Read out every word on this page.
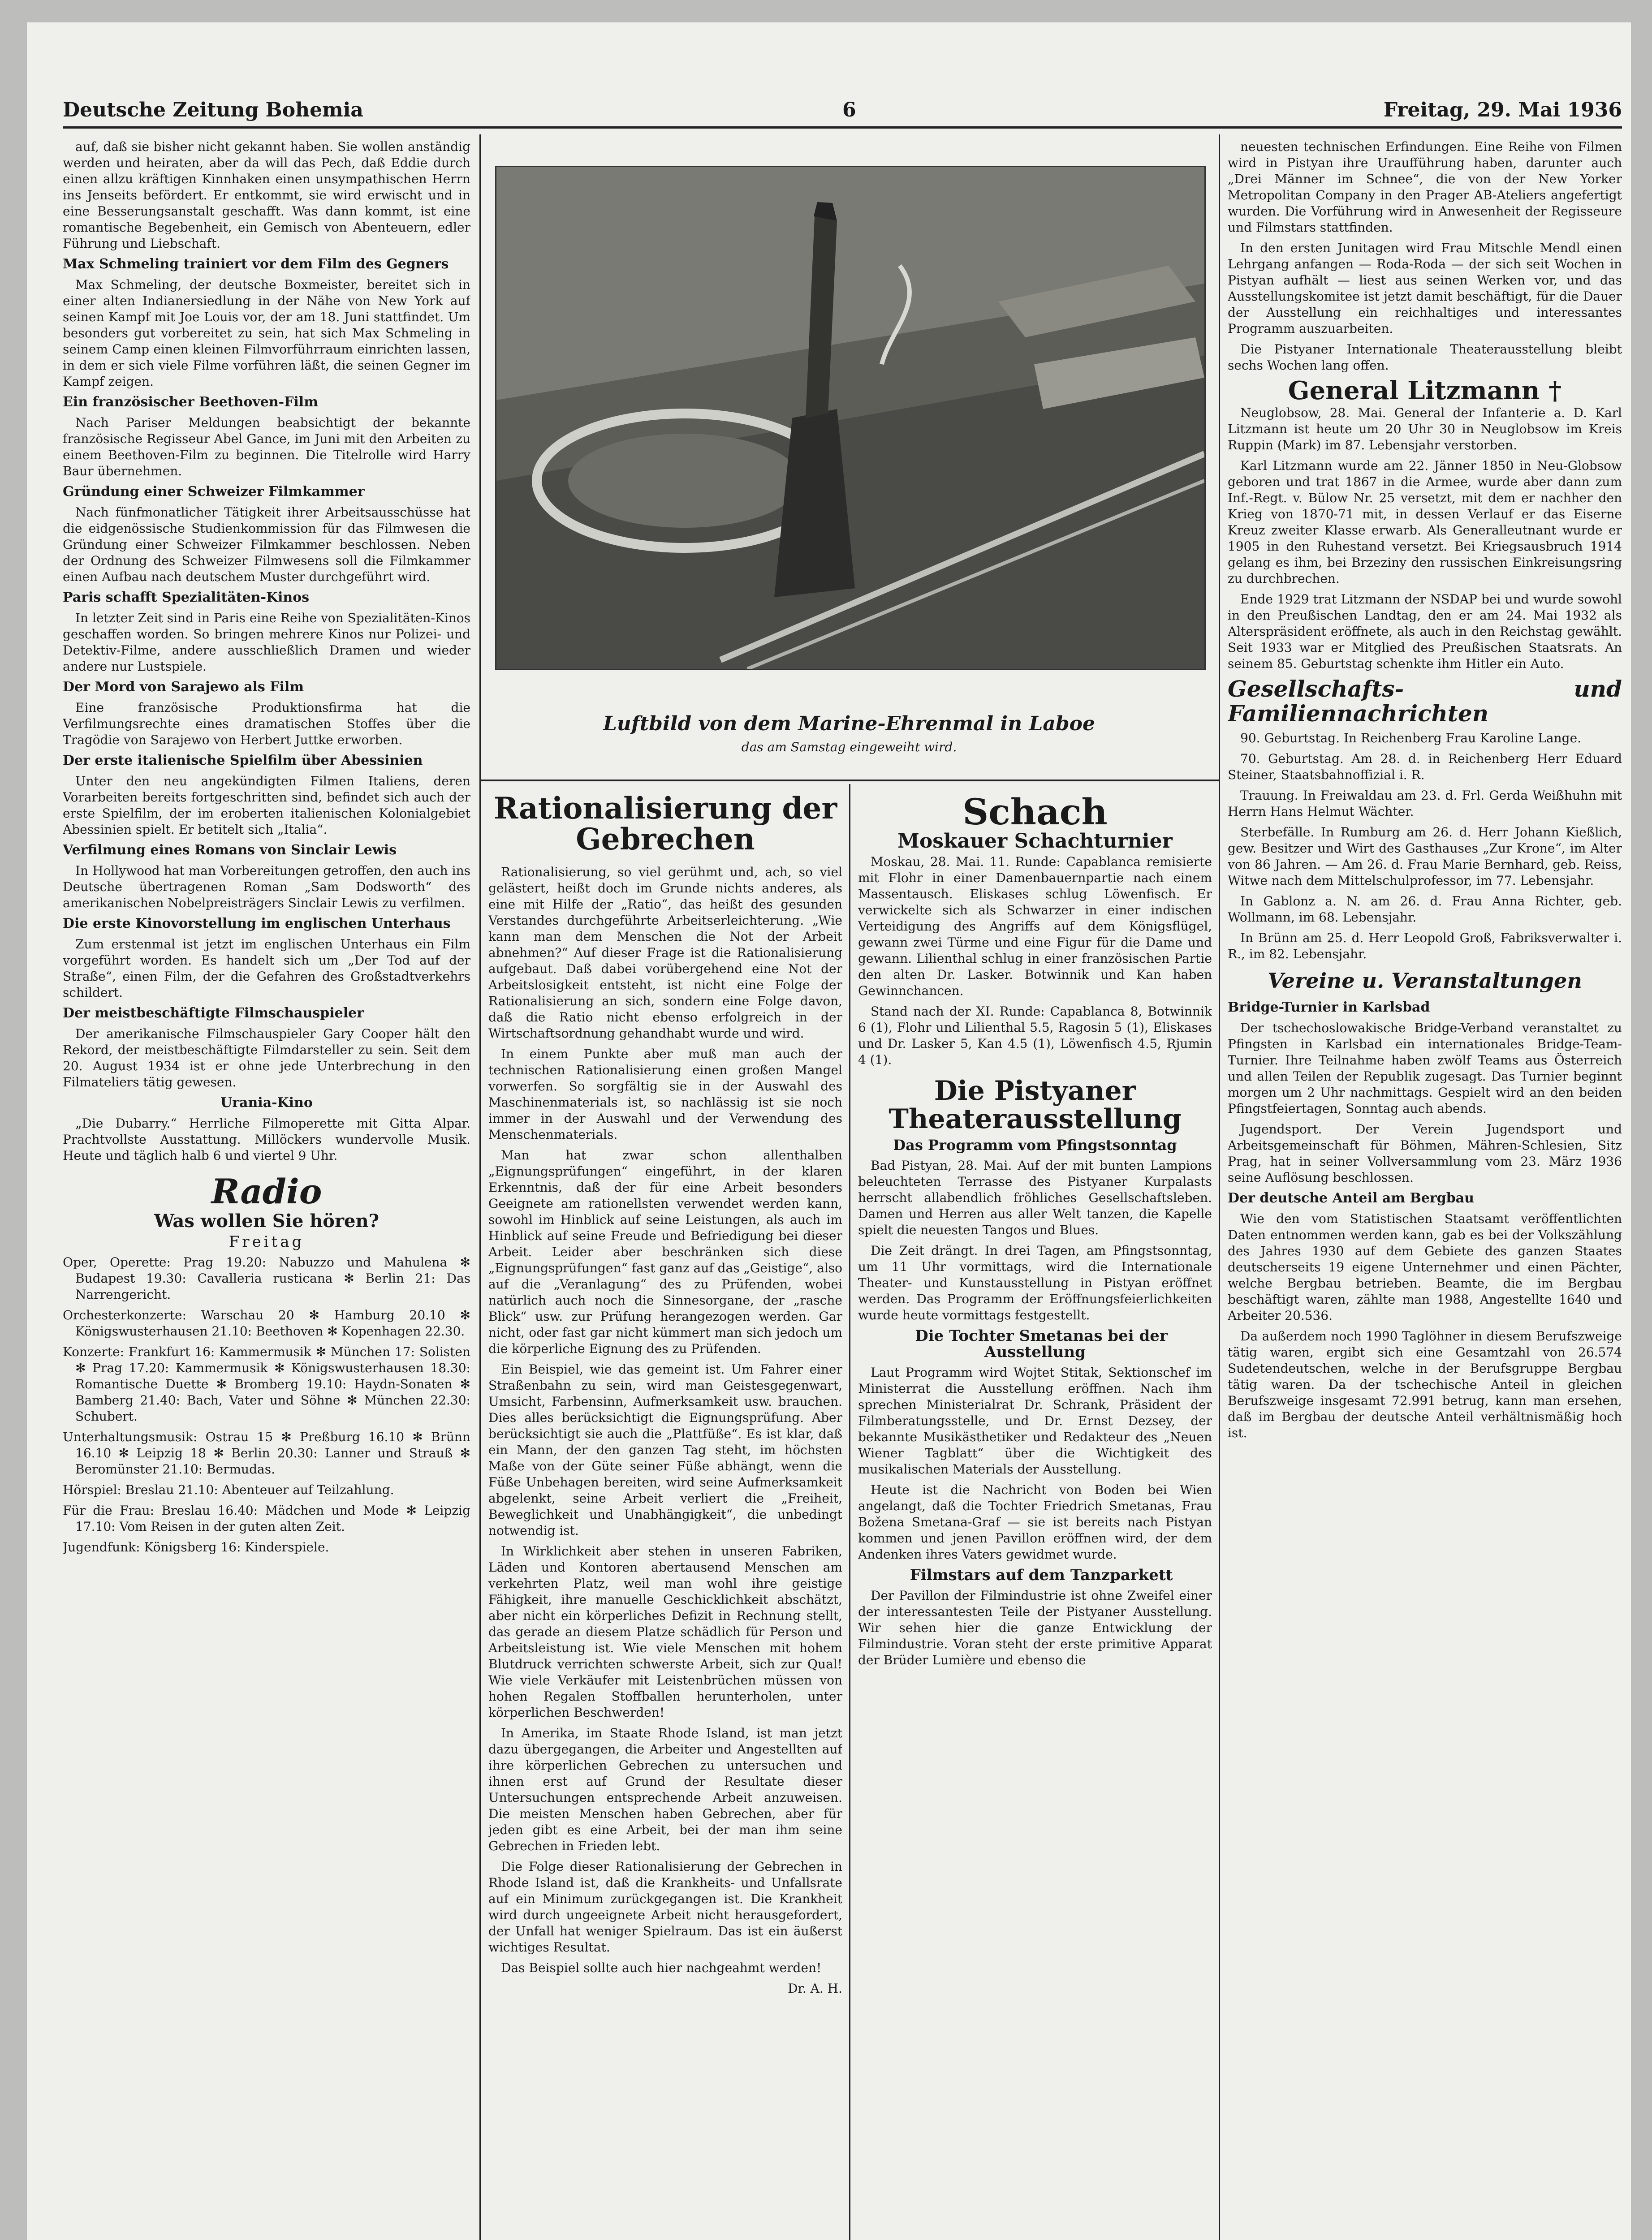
Deutsche Zeitung Bohemia	6	Freitag, 29. Mai 1936

auf, daß sie bisher nicht gekannt haben. Sie wollen anständig werden und heiraten, aber da will das Pech, daß Eddie durch einen allzu kräftigen Kinnhaken einen unsympathischen Herrn ins Jenseits befördert. Er entkommt, sie wird erwischt und in eine Besserungsanstalt geschafft. Was dann kommt, ist eine romantische Begebenheit, ein Gemisch von Abenteuern, edler Führung und Liebschaft.

Max Schmeling trainiert vor dem Film des Gegners

Max Schmeling, der deutsche Boxmeister, bereitet sich in einer alten Indianersiedlung in der Nähe von New York auf seinen Kampf mit Joe Louis vor, der am 18. Juni stattfindet. Um besonders gut vorbereitet zu sein, hat sich Max Schmeling in seinem Camp einen kleinen Filmvorführraum einrichten lassen, in dem er sich viele Filme vorführen läßt, die seinen Gegner im Kampf zeigen.

Ein französischer Beethoven-Film

Nach Pariser Meldungen beabsichtigt der bekannte französische Regisseur Abel Gance, im Juni mit den Arbeiten zu einem Beethoven-Film zu beginnen. Die Titelrolle wird Harry Baur übernehmen.

Gründung einer Schweizer Filmkammer

Nach fünfmonatlicher Tätigkeit ihrer Arbeitsausschüsse hat die eidgenössische Studienkommission für das Filmwesen die Gründung einer Schweizer Filmkammer beschlossen. Neben der Ordnung des Schweizer Filmwesens soll die Filmkammer einen Aufbau nach deutschem Muster durchgeführt wird.

Paris schafft Spezialitäten-Kinos

In letzter Zeit sind in Paris eine Reihe von Spezialitäten-Kinos geschaffen worden. So bringen mehrere Kinos nur Polizei- und Detektiv-Filme, andere ausschließlich Dramen und wieder andere nur Lustspiele.

Der Mord von Sarajewo als Film

Eine französische Produktionsfirma hat die Verfilmungsrechte eines dramatischen Stoffes über die Tragödie von Sarajewo von Herbert Juttke erworben.

Der erste italienische Spielfilm über Abessinien

Unter den neu angekündigten Filmen Italiens, deren Vorarbeiten bereits fortgeschritten sind, befindet sich auch der erste Spielfilm, der im eroberten italienischen Kolonialgebiet Abessinien spielt. Er betitelt sich „Italia“.

Verfilmung eines Romans von Sinclair Lewis

In Hollywood hat man Vorbereitungen getroffen, den auch ins Deutsche übertragenen Roman „Sam Dodsworth“ des amerikanischen Nobelpreisträgers Sinclair Lewis zu verfilmen.

Die erste Kinovorstellung im englischen Unterhaus

Zum erstenmal ist jetzt im englischen Unterhaus ein Film vorgeführt worden. Es handelt sich um „Der Tod auf der Straße“, einen Film, der die Gefahren des Großstadtverkehrs schildert.

Der meistbeschäftigte Filmschauspieler

Der amerikanische Filmschauspieler Gary Cooper hält den Rekord, der meistbeschäftigte Filmdarsteller zu sein. Seit dem 20. August 1934 ist er ohne jede Unterbrechung in den Filmateliers tätig gewesen.

Urania-Kino

„Die Dubarry.“ Herrliche Filmoperette mit Gitta Alpar. Prachtvollste Ausstattung. Millöckers wundervolle Musik. Heute und täglich halb 6 und viertel 9 Uhr.

Radio
Was wollen Sie hören?
Freitag

Oper, Operette: Prag 19.20: Nabuzzo und Mahulena ✻ Budapest 19.30: Cavalleria rusticana ✻ Berlin 21: Das Narrengericht.

Orchesterkonzerte: Warschau 20 ✻ Hamburg 20.10 ✻ Königswusterhausen 21.10: Beethoven ✻ Kopenhagen 22.30.

Konzerte: Frankfurt 16: Kammermusik ✻ München 17: Solisten ✻ Prag 17.20: Kammermusik ✻ Königswusterhausen 18.30: Romantische Duette ✻ Bromberg 19.10: Haydn-Sonaten ✻ Bamberg 21.40: Bach, Vater und Söhne ✻ München 22.30: Schubert.

Unterhaltungsmusik: Ostrau 15 ✻ Preßburg 16.10 ✻ Brünn 16.10 ✻ Leipzig 18 ✻ Berlin 20.30: Lanner und Strauß ✻ Beromünster 21.10: Bermudas.

Hörspiel: Breslau 21.10: Abenteuer auf Teilzahlung.

Für die Frau: Breslau 16.40: Mädchen und Mode ✻ Leipzig 17.10: Vom Reisen in der guten alten Zeit.

Jugendfunk: Königsberg 16: Kinderspiele.

Luftbild von dem Marine-Ehrenmal in Laboe
das am Samstag eingeweiht wird.
Rationalisierung der Gebrechen

Rationalisierung, so viel gerühmt und, ach, so viel gelästert, heißt doch im Grunde nichts anderes, als eine mit Hilfe der „Ratio“, das heißt des gesunden Verstandes durchgeführte Arbeitserleichterung. „Wie kann man dem Menschen die Not der Arbeit abnehmen?“ Auf dieser Frage ist die Rationalisierung aufgebaut. Daß dabei vorübergehend eine Not der Arbeitslosigkeit entsteht, ist nicht eine Folge der Rationalisierung an sich, sondern eine Folge davon, daß die Ratio nicht ebenso erfolgreich in der Wirtschaftsordnung gehandhabt wurde und wird.

In einem Punkte aber muß man auch der technischen Rationalisierung einen großen Mangel vorwerfen. So sorgfältig sie in der Auswahl des Maschinenmaterials ist, so nachlässig ist sie noch immer in der Auswahl und der Verwendung des Menschenmaterials.

Man hat zwar schon allenthalben „Eignungsprüfungen“ eingeführt, in der klaren Erkenntnis, daß der für eine Arbeit besonders Geeignete am rationellsten verwendet werden kann, sowohl im Hinblick auf seine Leistungen, als auch im Hinblick auf seine Freude und Befriedigung bei dieser Arbeit. Leider aber beschränken sich diese „Eignungsprüfungen“ fast ganz auf das „Geistige“, also auf die „Veranlagung“ des zu Prüfenden, wobei natürlich auch noch die Sinnesorgane, der „rasche Blick“ usw. zur Prüfung herangezogen werden. Gar nicht, oder fast gar nicht kümmert man sich jedoch um die körperliche Eignung des zu Prüfenden.

Ein Beispiel, wie das gemeint ist. Um Fahrer einer Straßenbahn zu sein, wird man Geistesgegenwart, Umsicht, Farbensinn, Aufmerksamkeit usw. brauchen. Dies alles berücksichtigt die Eignungsprüfung. Aber berücksichtigt sie auch die „Plattfüße“. Es ist klar, daß ein Mann, der den ganzen Tag steht, im höchsten Maße von der Güte seiner Füße abhängt, wenn die Füße Unbehagen bereiten, wird seine Aufmerksamkeit abgelenkt, seine Arbeit verliert die „Freiheit, Beweglichkeit und Unabhängigkeit“, die unbedingt notwendig ist.

In Wirklichkeit aber stehen in unseren Fabriken, Läden und Kontoren abertausend Menschen am verkehrten Platz, weil man wohl ihre geistige Fähigkeit, ihre manuelle Geschicklichkeit abschätzt, aber nicht ein körperliches Defizit in Rechnung stellt, das gerade an diesem Platze schädlich für Person und Arbeitsleistung ist. Wie viele Menschen mit hohem Blutdruck verrichten schwerste Arbeit, sich zur Qual! Wie viele Verkäufer mit Leistenbrüchen müssen von hohen Regalen Stoffballen herunterholen, unter körperlichen Beschwerden!

In Amerika, im Staate Rhode Island, ist man jetzt dazu übergegangen, die Arbeiter und Angestellten auf ihre körperlichen Gebrechen zu untersuchen und ihnen erst auf Grund der Resultate dieser Untersuchungen entsprechende Arbeit anzuweisen. Die meisten Menschen haben Gebrechen, aber für jeden gibt es eine Arbeit, bei der man ihm seine Gebrechen in Frieden lebt.

Die Folge dieser Rationalisierung der Gebrechen in Rhode Island ist, daß die Krankheits- und Unfallsrate auf ein Minimum zurückgegangen ist. Die Krankheit wird durch ungeeignete Arbeit nicht herausgefordert, der Unfall hat weniger Spielraum. Das ist ein äußerst wichtiges Resultat.

Das Beispiel sollte auch hier nachgeahmt werden!

Dr. A. H.

Schach
Moskauer Schachturnier

Moskau, 28. Mai. 11. Runde: Capablanca remisierte mit Flohr in einer Damenbauernpartie nach einem Massentausch. Eliskases schlug Löwenfisch. Er verwickelte sich als Schwarzer in einer indischen Verteidigung des Angriffs auf dem Königsflügel, gewann zwei Türme und eine Figur für die Dame und gewann. Lilienthal schlug in einer französischen Partie den alten Dr. Lasker. Botwinnik und Kan haben Gewinnchancen.

Stand nach der XI. Runde: Capablanca 8, Botwinnik 6 (1), Flohr und Lilienthal 5.5, Ragosin 5 (1), Eliskases und Dr. Lasker 5, Kan 4.5 (1), Löwenfisch 4.5, Rjumin 4 (1).

Die Pistyaner Theaterausstellung
Das Programm vom Pfingstsonntag

Bad Pistyan, 28. Mai. Auf der mit bunten Lampions beleuchteten Terrasse des Pistyaner Kurpalasts herrscht allabendlich fröhliches Gesellschaftsleben. Damen und Herren aus aller Welt tanzen, die Kapelle spielt die neuesten Tangos und Blues.

Die Zeit drängt. In drei Tagen, am Pfingstsonntag, um 11 Uhr vormittags, wird die Internationale Theater- und Kunstausstellung in Pistyan eröffnet werden. Das Programm der Eröffnungsfeierlichkeiten wurde heute vormittags festgestellt.

Die Tochter Smetanas bei der Ausstellung

Laut Programm wird Wojtet Stitak, Sektionschef im Ministerrat die Ausstellung eröffnen. Nach ihm sprechen Ministerialrat Dr. Schrank, Präsident der Filmberatungsstelle, und Dr. Ernst Dezsey, der bekannte Musikästhetiker und Redakteur des „Neuen Wiener Tagblatt“ über die Wichtigkeit des musikalischen Materials der Ausstellung.

Heute ist die Nachricht von Boden bei Wien angelangt, daß die Tochter Friedrich Smetanas, Frau Božena Smetana-Graf — sie ist bereits nach Pistyan kommen und jenen Pavillon eröffnen wird, der dem Andenken ihres Vaters gewidmet wurde.

Filmstars auf dem Tanzparkett

Der Pavillon der Filmindustrie ist ohne Zweifel einer der interessantesten Teile der Pistyaner Ausstellung. Wir sehen hier die ganze Entwicklung der Filmindustrie. Voran steht der erste primitive Apparat der Brüder Lumière und ebenso die

neuesten technischen Erfindungen. Eine Reihe von Filmen wird in Pistyan ihre Uraufführung haben, darunter auch „Drei Männer im Schnee“, die von der New Yorker Metropolitan Company in den Prager AB-Ateliers angefertigt wurden. Die Vorführung wird in Anwesenheit der Regisseure und Filmstars stattfinden.

In den ersten Junitagen wird Frau Mitschle Mendl einen Lehrgang anfangen — Roda-Roda — der sich seit Wochen in Pistyan aufhält — liest aus seinen Werken vor, und das Ausstellungskomitee ist jetzt damit beschäftigt, für die Dauer der Ausstellung ein reichhaltiges und interessantes Programm auszuarbeiten.

Die Pistyaner Internationale Theaterausstellung bleibt sechs Wochen lang offen.

General Litzmann †

Neuglobsow, 28. Mai. General der Infanterie a. D. Karl Litzmann ist heute um 20 Uhr 30 in Neuglobsow im Kreis Ruppin (Mark) im 87. Lebensjahr verstorben.

Karl Litzmann wurde am 22. Jänner 1850 in Neu-Globsow geboren und trat 1867 in die Armee, wurde aber dann zum Inf.-Regt. v. Bülow Nr. 25 versetzt, mit dem er nachher den Krieg von 1870-71 mit, in dessen Verlauf er das Eiserne Kreuz zweiter Klasse erwarb. Als Generalleutnant wurde er 1905 in den Ruhestand versetzt. Bei Kriegsausbruch 1914 gelang es ihm, bei Brzeziny den russischen Einkreisungsring zu durchbrechen.

Ende 1929 trat Litzmann der NSDAP bei und wurde sowohl in den Preußischen Landtag, den er am 24. Mai 1932 als Alterspräsident eröffnete, als auch in den Reichstag gewählt. Seit 1933 war er Mitglied des Preußischen Staatsrats. An seinem 85. Geburtstag schenkte ihm Hitler ein Auto.

Gesellschafts- und Familiennachrichten

90. Geburtstag. In Reichenberg Frau Karoline Lange.

70. Geburtstag. Am 28. d. in Reichenberg Herr Eduard Steiner, Staatsbahnoffizial i. R.

Trauung. In Freiwaldau am 23. d. Frl. Gerda Weißhuhn mit Herrn Hans Helmut Wächter.

Sterbefälle. In Rumburg am 26. d. Herr Johann Kießlich, gew. Besitzer und Wirt des Gasthauses „Zur Krone“, im Alter von 86 Jahren. — Am 26. d. Frau Marie Bernhard, geb. Reiss, Witwe nach dem Mittelschulprofessor, im 77. Lebensjahr.

In Gablonz a. N. am 26. d. Frau Anna Richter, geb. Wollmann, im 68. Lebensjahr.

In Brünn am 25. d. Herr Leopold Groß, Fabriksverwalter i. R., im 82. Lebensjahr.

Vereine u. Veranstaltungen

Bridge-Turnier in Karlsbad

Der tschechoslowakische Bridge-Verband veranstaltet zu Pfingsten in Karlsbad ein internationales Bridge-Team-Turnier. Ihre Teilnahme haben zwölf Teams aus Österreich und allen Teilen der Republik zugesagt. Das Turnier beginnt morgen um 2 Uhr nachmittags. Gespielt wird an den beiden Pfingstfeiertagen, Sonntag auch abends.

Jugendsport. Der Verein Jugendsport und Arbeitsgemeinschaft für Böhmen, Mähren-Schlesien, Sitz Prag, hat in seiner Vollversammlung vom 23. März 1936 seine Auflösung beschlossen.

Der deutsche Anteil am Bergbau

Wie den vom Statistischen Staatsamt veröffentlichten Daten entnommen werden kann, gab es bei der Volkszählung des Jahres 1930 auf dem Gebiete des ganzen Staates deutscherseits 19 eigene Unternehmer und einen Pächter, welche Bergbau betrieben. Beamte, die im Bergbau beschäftigt waren, zählte man 1988, Angestellte 1640 und Arbeiter 20.536.

Da außerdem noch 1990 Taglöhner in diesem Berufszweige tätig waren, ergibt sich eine Gesamtzahl von 26.574 Sudetendeutschen, welche in der Berufsgruppe Bergbau tätig waren. Da der tschechische Anteil in gleichen Berufszweige insgesamt 72.991 betrug, kann man ersehen, daß im Bergbau der deutsche Anteil verhältnismäßig hoch ist.
